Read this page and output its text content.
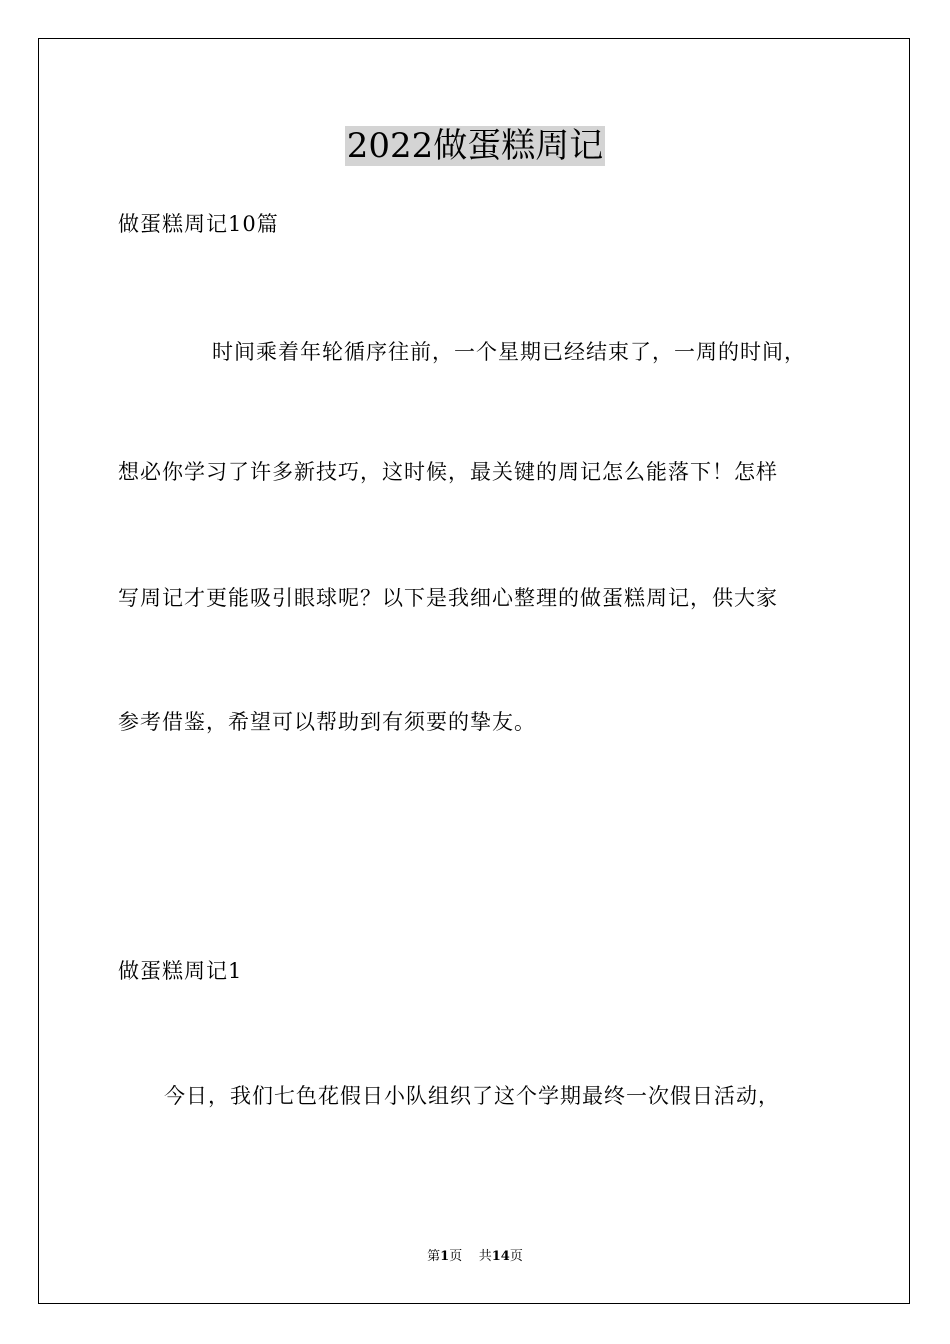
2022做蛋糕周记
做蛋糕周记10篇
时间乘着年轮循序往前，一个星期已经结束了，一周的时间，
想必你学习了许多新技巧，这时候，最关键的周记怎么能落下！怎样
写周记才更能吸引眼球呢？以下是我细心整理的做蛋糕周记，供大家
参考借鉴，希望可以帮助到有须要的挚友。
做蛋糕周记1
今日，我们七色花假日小队组织了这个学期最终一次假日活动，
第1页 共14页
